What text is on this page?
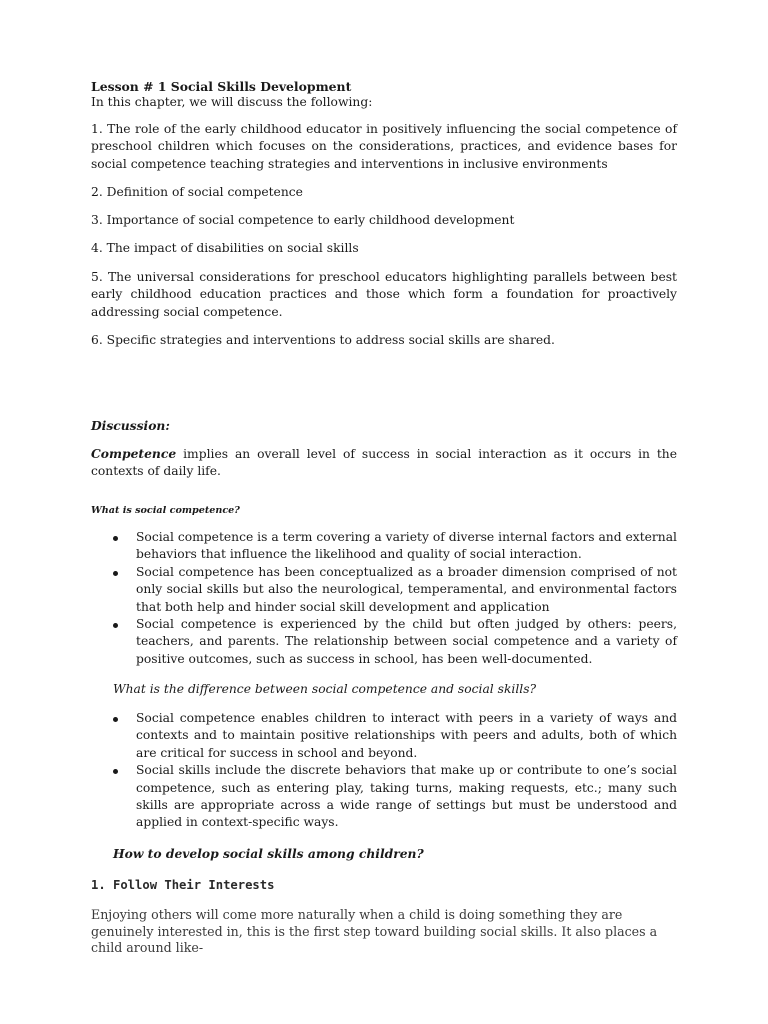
Lesson # 1 Social Skills Development

In this chapter, we will discuss the following:

1. The role of the early childhood educator in positively influencing the social competence of preschool children which focuses on the considerations, practices, and evidence bases for social competence teaching strategies and interventions in inclusive environments

2. Definition of social competence

3. Importance of social competence to early childhood development

4. The impact of disabilities on social skills

5. The universal considerations for preschool educators highlighting parallels between best early childhood education practices and those which form a foundation for proactively addressing social competence.

6. Specific strategies and interventions to address social skills are shared.

Discussion:

Competence implies an overall level of success in social interaction as it occurs in the contexts of daily life.

What is social competence?

Social competence is a term covering a variety of diverse internal factors and external behaviors that influence the likelihood and quality of social interaction.
Social competence has been conceptualized as a broader dimension comprised of not only social skills but also the neurological, temperamental, and environmental factors that both help and hinder social skill development and application
Social competence is experienced by the child but often judged by others: peers, teachers, and parents. The relationship between social competence and a variety of positive outcomes, such as success in school, has been well-documented.

What is the difference between social competence and social skills?

Social competence enables children to interact with peers in a variety of ways and contexts and to maintain positive relationships with peers and adults, both of which are critical for success in school and beyond.
Social skills include the discrete behaviors that make up or contribute to one’s social competence, such as entering play, taking turns, making requests, etc.; many such skills are appropriate across a wide range of settings but must be understood and applied in context-specific ways.

How to develop social skills among children?

1. Follow Their Interests

Enjoying others will come more naturally when a child is doing something they are genuinely interested in, this is the first step toward building social skills. It also places a child around like-
